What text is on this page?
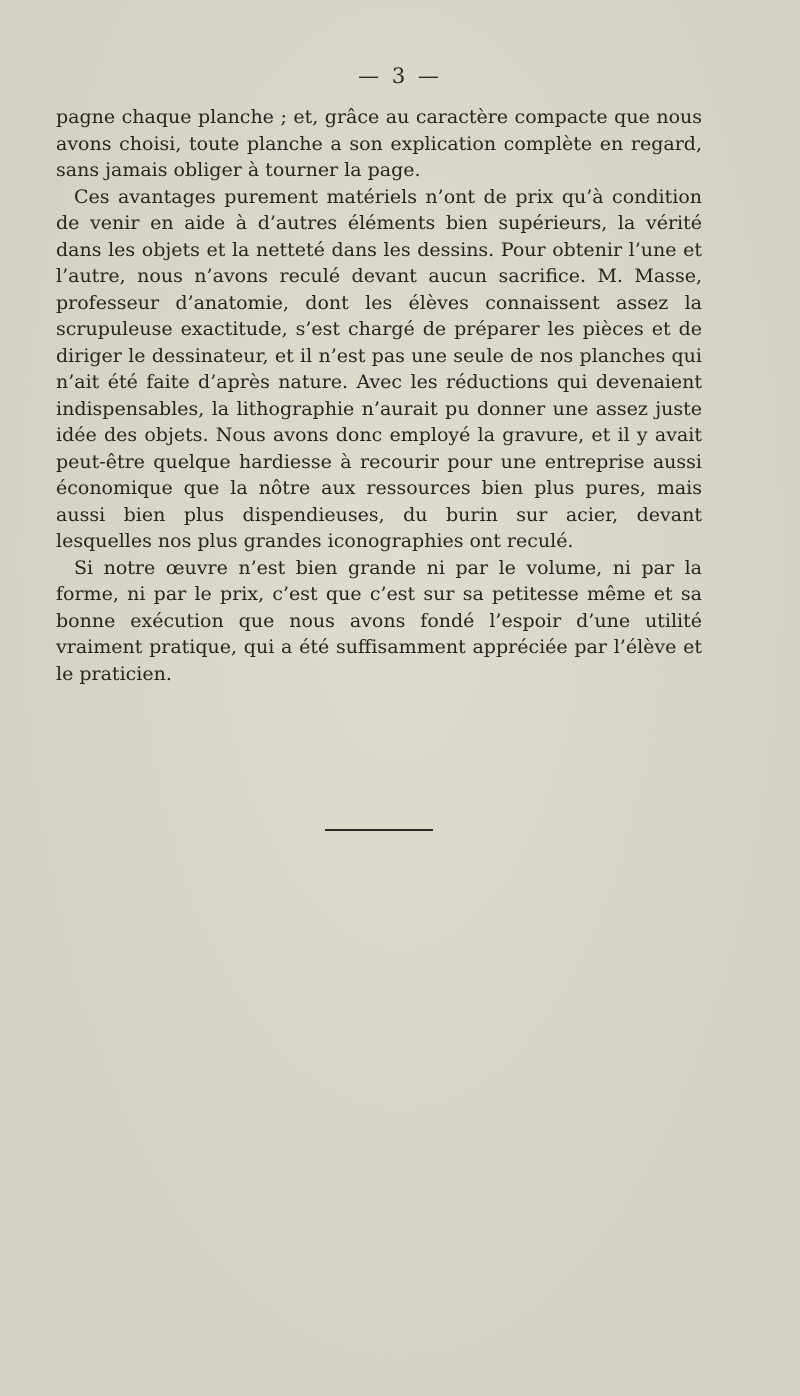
— 3 —

pagne chaque planche ; et, grâce au caractère compacte que nous avons choisi, toute planche a son explication complète en regard, sans jamais obliger à tourner la page.

Ces avantages purement matériels n’ont de prix qu’à condition de venir en aide à d’autres éléments bien supérieurs, la vérité dans les objets et la netteté dans les dessins. Pour obtenir l’une et l’autre, nous n’avons reculé devant aucun sacrifice. M. Masse, professeur d’anatomie, dont les élèves connaissent assez la scrupuleuse exactitude, s’est chargé de préparer les pièces et de diriger le dessinateur, et il n’est pas une seule de nos planches qui n’ait été faite d’après nature. Avec les réductions qui devenaient indispensables, la lithographie n’aurait pu donner une assez juste idée des objets. Nous avons donc employé la gravure, et il y avait peut-être quelque hardiesse à recourir pour une entreprise aussi économique que la nôtre aux ressources bien plus pures, mais aussi bien plus dispendieuses, du burin sur acier, devant lesquelles nos plus grandes iconographies ont reculé.

Si notre œuvre n’est bien grande ni par le volume, ni par la forme, ni par le prix, c’est que c’est sur sa petitesse même et sa bonne exécution que nous avons fondé l’espoir d’une utilité vraiment pratique, qui a été suffisamment appréciée par l’élève et le praticien.
